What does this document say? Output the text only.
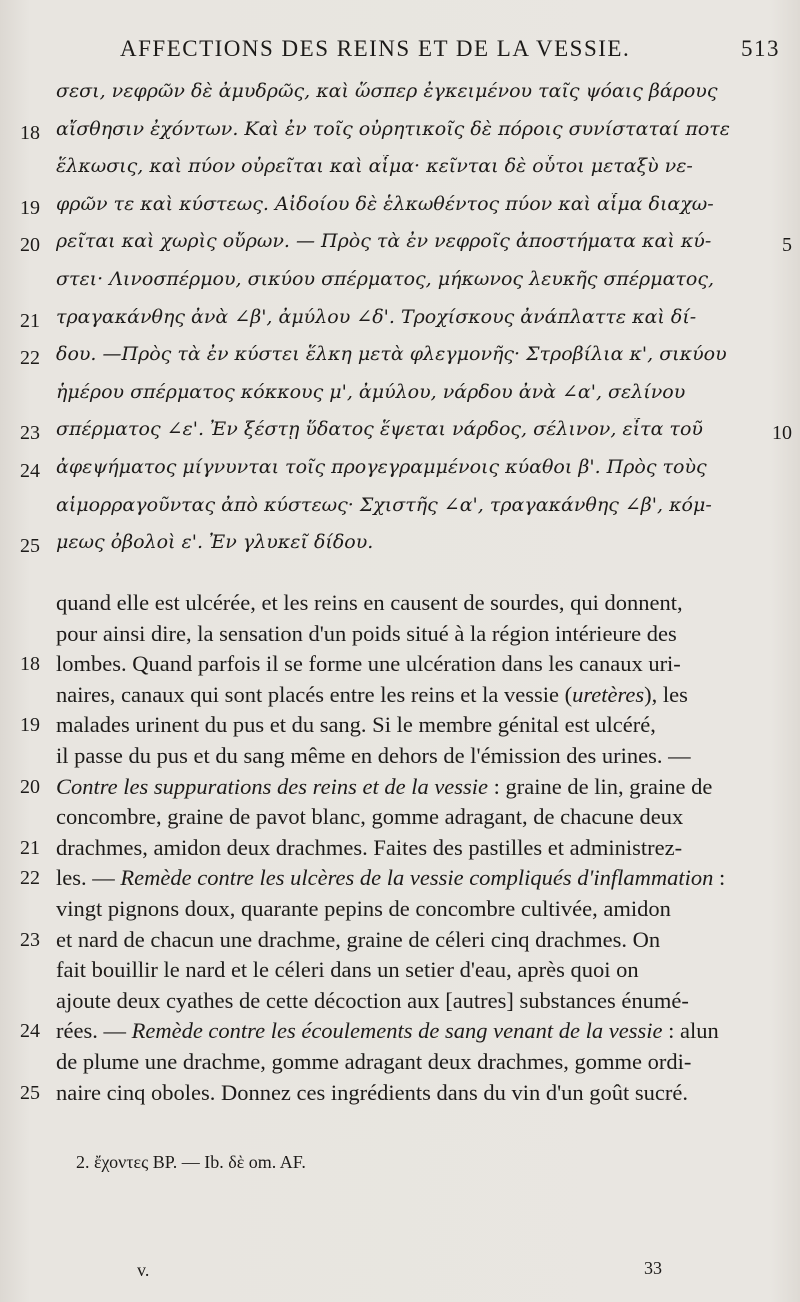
AFFECTIONS DES REINS ET DE LA VESSIE.	513
σεσι, νεφρῶν δὲ ἀμυδρῶς, καὶ ὥσπερ ἐγκειμένου ταῖς ψόαις βάρους
18 αἴσθησιν ἐχόντων. Καὶ ἐν τοῖς οὐρητικοῖς δὲ πόροις συνίσταταί ποτε
ἕλκωσις, καὶ πύον οὐρεῖται καὶ αἷμα· κεῖνται δὲ οὗτοι μεταξὺ νε-
19 φρῶν τε καὶ κύστεως. Αἰδοίου δὲ ἑλκωθέντος πύον καὶ αἷμα διαχω-
20 ρεῖται καὶ χωρὶς οὔρων. — Πρὸς τὰ ἐν νεφροῖς ἀποστήματα καὶ κύ-	5
στει· Λινοσπέρμου, σικύου σπέρματος, μήκωνος λευκῆς σπέρματος,
21 τραγακάνθης ἀνὰ ∠β', ἀμύλου ∠δ'. Τροχίσκους ἀνάπλαττε καὶ δί-
22 δου. —Πρὸς τὰ ἐν κύστει ἕλκη μετὰ φλεγμονῆς· Στροβίλια κ', σικύου
ἡμέρου σπέρματος κόκκους μ', ἀμύλου, νάρδου ἀνὰ ∠α', σελίνου
23 σπέρματος ∠ε'. Ἐν ξέστῃ ὕδατος ἕψεται νάρδος, σέλινον, εἶτα τοῦ	10
24 ἀφεψήματος μίγνυνται τοῖς προγεγραμμένοις κύαθοι β'. Πρὸς τοὺς
αἱμορραγοῦντας ἀπὸ κύστεως· Σχιστῆς ∠α', τραγακάνθης ∠β', κόμ-
25 μεως ὀβολοὶ ε'. Ἐν γλυκεῖ δίδου.
quand elle est ulcérée, et les reins en causent de sourdes, qui donnent,
pour ainsi dire, la sensation d'un poids situé à la région intérieure des
18 lombes. Quand parfois il se forme une ulcération dans les canaux uri-
naires, canaux qui sont placés entre les reins et la vessie (uretères), les
19 malades urinent du pus et du sang. Si le membre génital est ulcéré,
il passe du pus et du sang même en dehors de l'émission des urines. —
20 Contre les suppurations des reins et de la vessie : graine de lin, graine de
concombre, graine de pavot blanc, gomme adragant, de chacune deux
21 drachmes, amidon deux drachmes. Faites des pastilles et administrez-
22 les. — Remède contre les ulcères de la vessie compliqués d'inflammation :
vingt pignons doux, quarante pepins de concombre cultivée, amidon
23 et nard de chacun une drachme, graine de céleri cinq drachmes. On
fait bouillir le nard et le céleri dans un setier d'eau, après quoi on
ajoute deux cyathes de cette décoction aux [autres] substances énumé-
24 rées. — Remède contre les écoulements de sang venant de la vessie : alun
de plume une drachme, gomme adragant deux drachmes, gomme ordi-
25 naire cinq oboles. Donnez ces ingrédients dans du vin d'un goût sucré.
2. ἔχοντες BP. — Ib. δὲ om. AF.
v.	33
